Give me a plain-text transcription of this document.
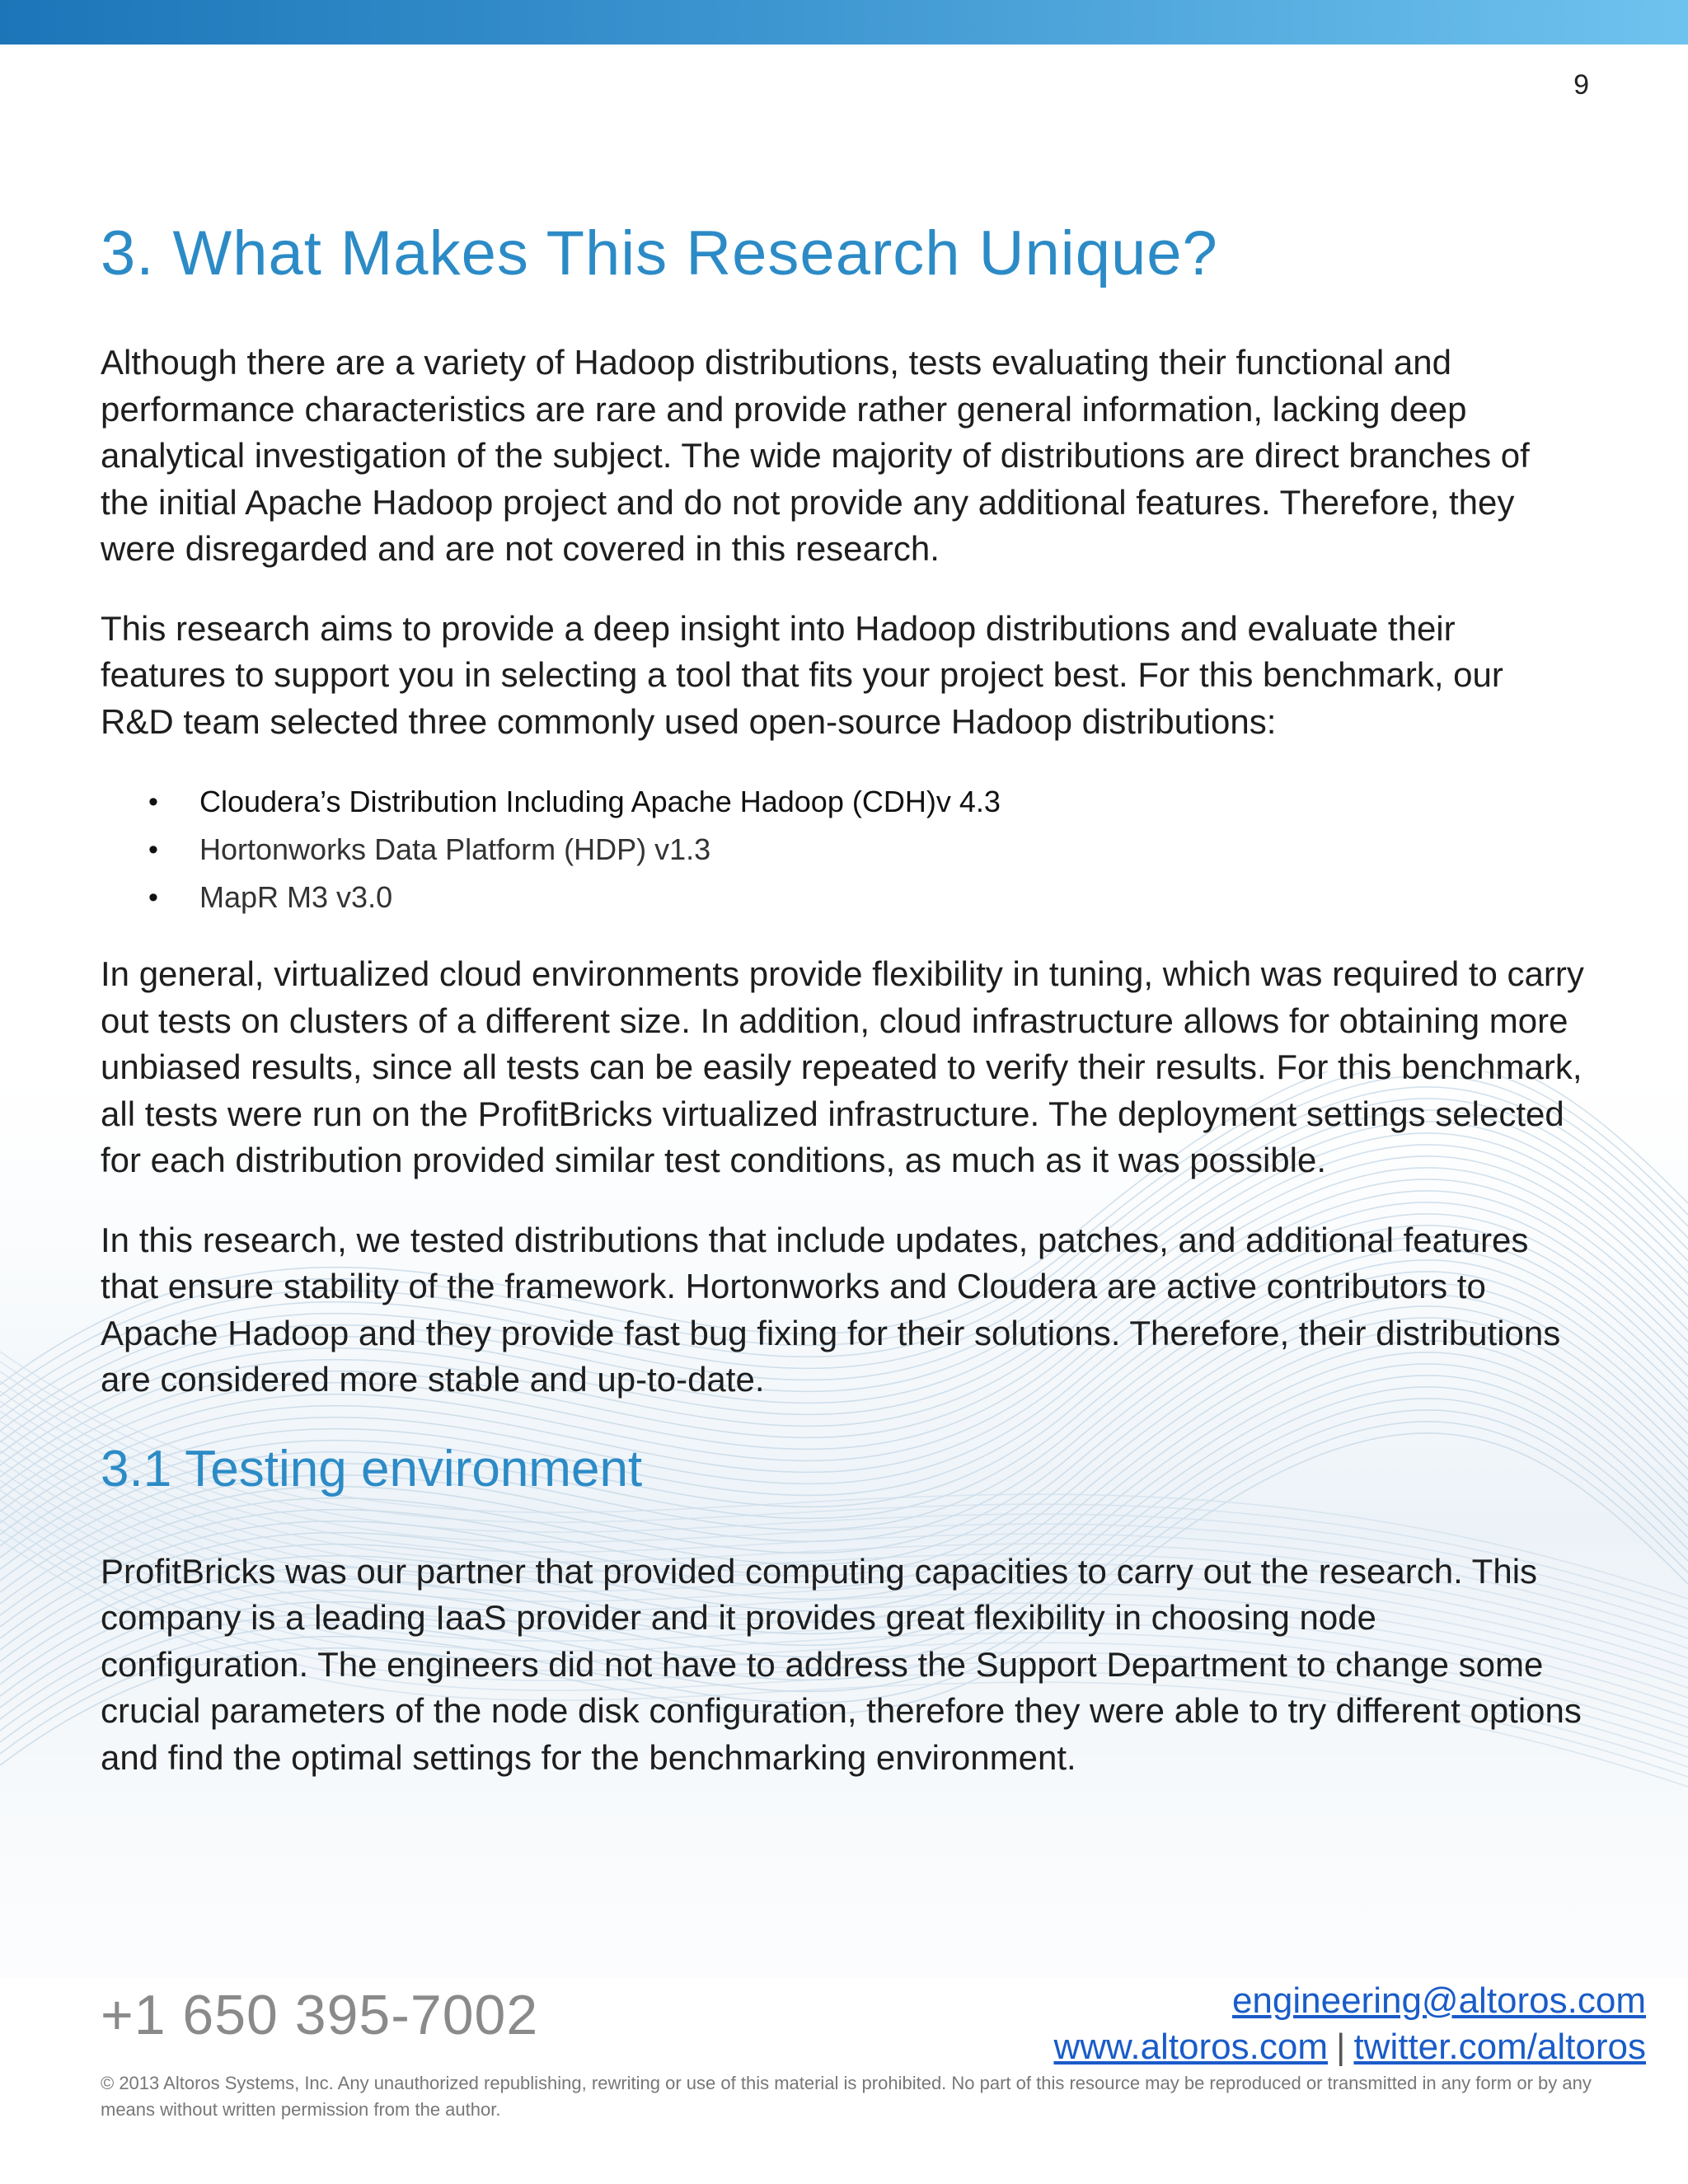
9
3. What Makes This Research Unique?

Although there are a variety of Hadoop distributions, tests evaluating their functional and performance characteristics are rare and provide rather general information, lacking deep analytical investigation of the subject. The wide majority of distributions are direct branches of the initial Apache Hadoop project and do not provide any additional features. Therefore, they were disregarded and are not covered in this research.

This research aims to provide a deep insight into Hadoop distributions and evaluate their features to support you in selecting a tool that fits your project best. For this benchmark, our R&D team selected three commonly used open-source Hadoop distributions:

• Cloudera’s Distribution Including Apache Hadoop (CDH)v 4.3
• Hortonworks Data Platform (HDP) v1.3
• MapR M3 v3.0

In general, virtualized cloud environments provide flexibility in tuning, which was required to carry out tests on clusters of a different size. In addition, cloud infrastructure allows for obtaining more unbiased results, since all tests can be easily repeated to verify their results. For this benchmark, all tests were run on the ProfitBricks virtualized infrastructure. The deployment settings selected for each distribution provided similar test conditions, as much as it was possible.

In this research, we tested distributions that include updates, patches, and additional features that ensure stability of the framework. Hortonworks and Cloudera are active contributors to Apache Hadoop and they provide fast bug fixing for their solutions. Therefore, their distributions are considered more stable and up-to-date.

3.1 Testing environment

ProfitBricks was our partner that provided computing capacities to carry out the research. This company is a leading IaaS provider and it provides great flexibility in choosing node configuration. The engineers did not have to address the Support Department to change some crucial parameters of the node disk configuration, therefore they were able to try different options and find the optimal settings for the benchmarking environment.

+1 650 395-7002	engineering@altoros.com
www.altoros.com | twitter.com/altoros
© 2013 Altoros Systems, Inc. Any unauthorized republishing, rewriting or use of this material is prohibited. No part of this resource may be reproduced or transmitted in any form or by any means without written permission from the author.
